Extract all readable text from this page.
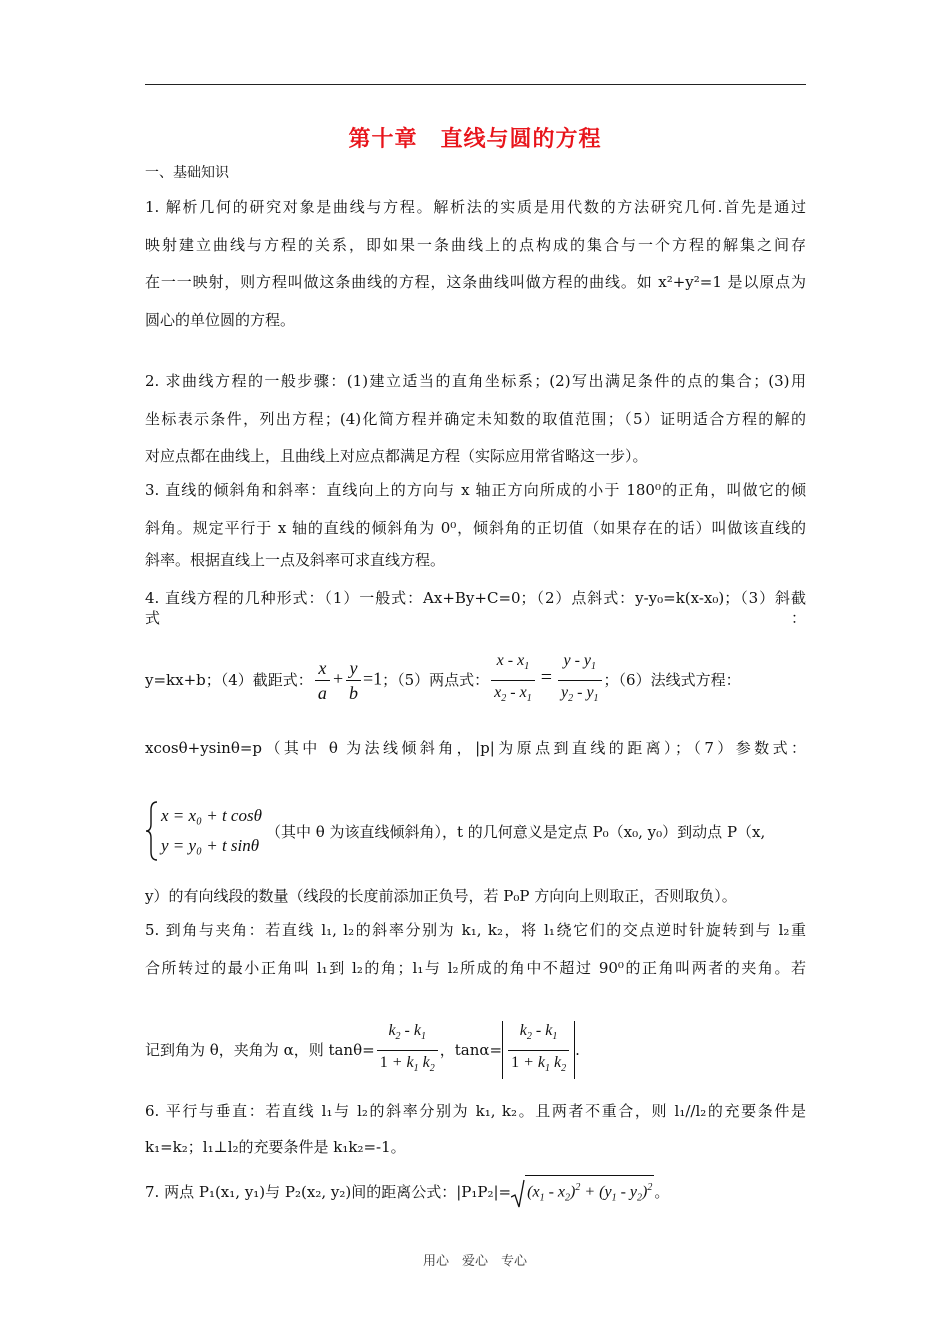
第十章　直线与圆的方程
一、基础知识
1. 解析几何的研究对象是曲线与方程。解析法的实质是用代数的方法研究几何.首先是通过
映射建立曲线与方程的关系，即如果一条曲线上的点构成的集合与一个方程的解集之间存
在一一映射，则方程叫做这条曲线的方程，这条曲线叫做方程的曲线。如 x²+y²=1 是以原点为
圆心的单位圆的方程。
2. 求曲线方程的一般步骤：(1)建立适当的直角坐标系；(2)写出满足条件的点的集合；(3)用
坐标表示条件，列出方程；(4)化简方程并确定未知数的取值范围；（5）证明适合方程的解的
对应点都在曲线上，且曲线上对应点都满足方程（实际应用常省略这一步）。
3. 直线的倾斜角和斜率：直线向上的方向与 x 轴正方向所成的小于 180⁰的正角，叫做它的倾
斜角。规定平行于 x 轴的直线的倾斜角为 0⁰，倾斜角的正切值（如果存在的话）叫做该直线的
斜率。根据直线上一点及斜率可求直线方程。
4. 直线方程的几种形式：（1）一般式：Ax+By+C=0；（2）点斜式：y-y₀=k(x-x₀)；（3）斜截式：
y=kx+b；（4）截距式： $\frac{x}{a} + \frac{y}{b} =1$ ；（5）两点式： $\frac{x - x_1}{x_2 - x_1} = \frac{y - y_1}{y_2 - y_1}$ ；（6）法线式方程：
xcosθ+ysinθ=p（其中 θ 为法线倾斜角，|p|为原点到直线的距离）；（7）参数式：
x = x₀ + t cosθ
y = y₀ + t sinθ
（其中 θ 为该直线倾斜角），t 的几何意义是定点 P₀（x₀, y₀）到动点 P（x,
y）的有向线段的数量（线段的长度前添加正负号，若 P₀P 方向向上则取正，否则取负）。
5. 到角与夹角：若直线 l₁, l₂的斜率分别为 k₁, k₂，将 l₁绕它们的交点逆时针旋转到与 l₂重
合所转过的最小正角叫 l₁到 l₂的角；l₁与 l₂所成的角中不超过 90⁰的正角叫两者的夹角。若
记到角为 θ，夹角为 α，则 $\tan\theta= \frac{k_2 - k_1}{1 + k_1 k_2}$ ，$\tan\alpha= \frac{k_2 - k_1}{1 + k_1 k_2}$ .
6. 平行与垂直：若直线 l₁与 l₂的斜率分别为 k₁, k₂。且两者不重合，则 l₁//l₂的充要条件是
k₁=k₂；l₁⊥l₂的充要条件是 k₁k₂=-1。
7. 两点 P₁(x₁, y₁)与 P₂(x₂, y₂)间的距离公式：$|P_1P_2|= (x_1 - x_2)^2 + (y_1 - y_2)^2$ 。
用心　爱心　专心
